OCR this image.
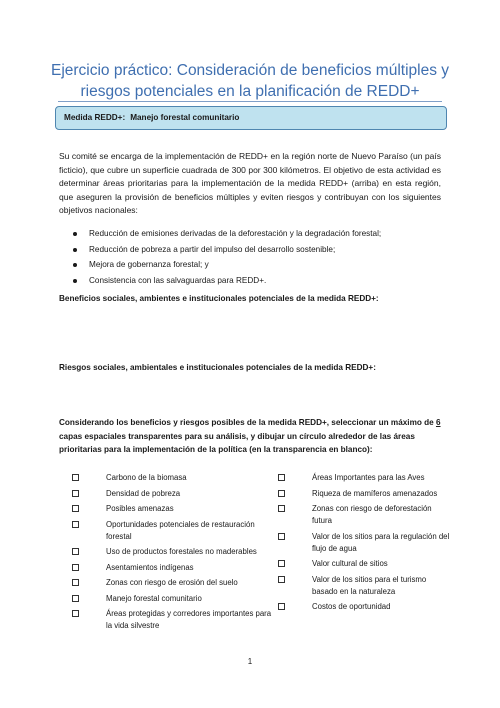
Ejercicio práctico: Consideración de beneficios múltiples y
riesgos potenciales en la planificación de REDD+
Medida REDD+: Manejo forestal comunitario
Su comité se encarga de la implementación de REDD+ en la región norte de Nuevo Paraíso (un país ficticio), que cubre un superficie cuadrada de 300 por 300 kilómetros. El objetivo de esta actividad es determinar áreas prioritarias para la implementación de la medida REDD+ (arriba) en esta región, que aseguren la provisión de beneficios múltiples y eviten riesgos y contribuyan con los siguientes objetivos nacionales:
Reducción de emisiones derivadas de la deforestación y la degradación forestal;
Reducción de pobreza a partir del impulso del desarrollo sostenible;
Mejora de gobernanza forestal; y
Consistencia con las salvaguardas para REDD+.
Beneficios sociales, ambientes e institucionales potenciales de la medida REDD+:
Riesgos sociales, ambientales e institucionales potenciales de la medida REDD+:
Considerando los beneficios y riesgos posibles de la medida REDD+, seleccionar un máximo de 6 capas espaciales transparentes para su análisis, y dibujar un círculo alrededor de las áreas prioritarias para la implementación de la política (en la transparencia en blanco):
Carbono de la biomasa
Densidad de pobreza
Posibles amenazas
Oportunidades potenciales de restauración forestal
Uso de productos forestales no maderables
Asentamientos indígenas
Zonas con riesgo de erosión del suelo
Manejo forestal comunitario
Áreas protegidas y corredores importantes para la vida silvestre
Áreas Importantes para las Aves
Riqueza de mamíferos amenazados
Zonas con riesgo de deforestación futura
Valor de los sitios para la regulación del flujo de agua
Valor cultural de sitios
Valor de los sitios para el turismo basado en la naturaleza
Costos de oportunidad
1
